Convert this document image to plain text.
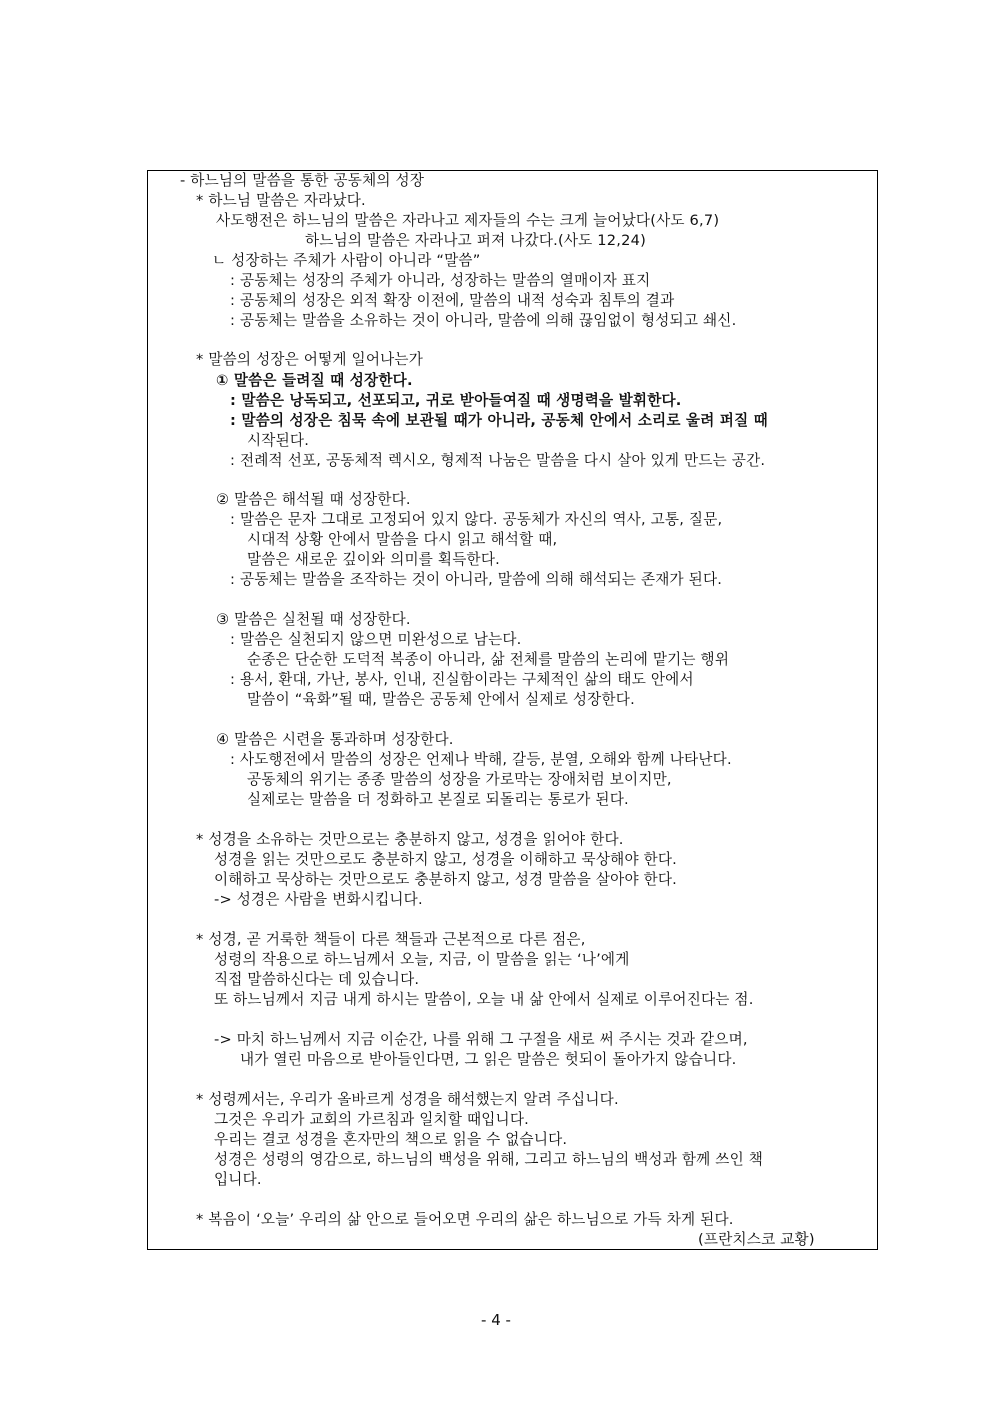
- 하느님의 말씀을 통한 공동체의 성장
* 하느님 말씀은 자라났다.
사도행전은 하느님의 말씀은 자라나고 제자들의 수는 크게 늘어났다(사도 6,7)
하느님의 말씀은 자라나고 퍼져 나갔다.(사도 12,24)
ㄴ 성장하는 주체가 사람이 아니라 “말씀”
: 공동체는 성장의 주체가 아니라, 성장하는 말씀의 열매이자 표지
: 공동체의 성장은 외적 확장 이전에, 말씀의 내적 성숙과 침투의 결과
: 공동체는 말씀을 소유하는 것이 아니라, 말씀에 의해 끊임없이 형성되고 쇄신.
* 말씀의 성장은 어떻게 일어나는가
① 말씀은 들려질 때 성장한다.
: 말씀은 낭독되고, 선포되고, 귀로 받아들여질 때 생명력을 발휘한다.
: 말씀의 성장은 침묵 속에 보관될 때가 아니라, 공동체 안에서 소리로 울려 퍼질 때
시작된다.
: 전례적 선포, 공동체적 렉시오, 형제적 나눔은 말씀을 다시 살아 있게 만드는 공간.
② 말씀은 해석될 때 성장한다.
: 말씀은 문자 그대로 고정되어 있지 않다. 공동체가 자신의 역사, 고통, 질문,
시대적 상황 안에서 말씀을 다시 읽고 해석할 때,
말씀은 새로운 깊이와 의미를 획득한다.
: 공동체는 말씀을 조작하는 것이 아니라, 말씀에 의해 해석되는 존재가 된다.
③ 말씀은 실천될 때 성장한다.
: 말씀은 실천되지 않으면 미완성으로 남는다.
순종은 단순한 도덕적 복종이 아니라, 삶 전체를 말씀의 논리에 맡기는 행위
: 용서, 환대, 가난, 봉사, 인내, 진실함이라는 구체적인 삶의 태도 안에서
말씀이 “육화”될 때, 말씀은 공동체 안에서 실제로 성장한다.
④ 말씀은 시련을 통과하며 성장한다.
: 사도행전에서 말씀의 성장은 언제나 박해, 갈등, 분열, 오해와 함께 나타난다.
공동체의 위기는 종종 말씀의 성장을 가로막는 장애처럼 보이지만,
실제로는 말씀을 더 정화하고 본질로 되돌리는 통로가 된다.
* 성경을 소유하는 것만으로는 충분하지 않고, 성경을 읽어야 한다.
성경을 읽는 것만으로도 충분하지 않고, 성경을 이해하고 묵상해야 한다.
이해하고 묵상하는 것만으로도 충분하지 않고, 성경 말씀을 살아야 한다.
-> 성경은 사람을 변화시킵니다.
* 성경, 곧 거룩한 책들이 다른 책들과 근본적으로 다른 점은,
성령의 작용으로 하느님께서 오늘, 지금, 이 말씀을 읽는 ‘나’에게
직접 말씀하신다는 데 있습니다.
또 하느님께서 지금 내게 하시는 말씀이, 오늘 내 삶 안에서 실제로 이루어진다는 점.
-> 마치 하느님께서 지금 이순간, 나를 위해 그 구절을 새로 써 주시는 것과 같으며,
내가 열린 마음으로 받아들인다면, 그 읽은 말씀은 헛되이 돌아가지 않습니다.
* 성령께서는, 우리가 올바르게 성경을 해석했는지 알려 주십니다.
그것은 우리가 교회의 가르침과 일치할 때입니다.
우리는 결코 성경을 혼자만의 책으로 읽을 수 없습니다.
성경은 성령의 영감으로, 하느님의 백성을 위해, 그리고 하느님의 백성과 함께 쓰인 책
입니다.
* 복음이 ‘오늘’ 우리의 삶 안으로 들어오면 우리의 삶은 하느님으로 가득 차게 된다.
(프란치스코 교황)
- 4 -
